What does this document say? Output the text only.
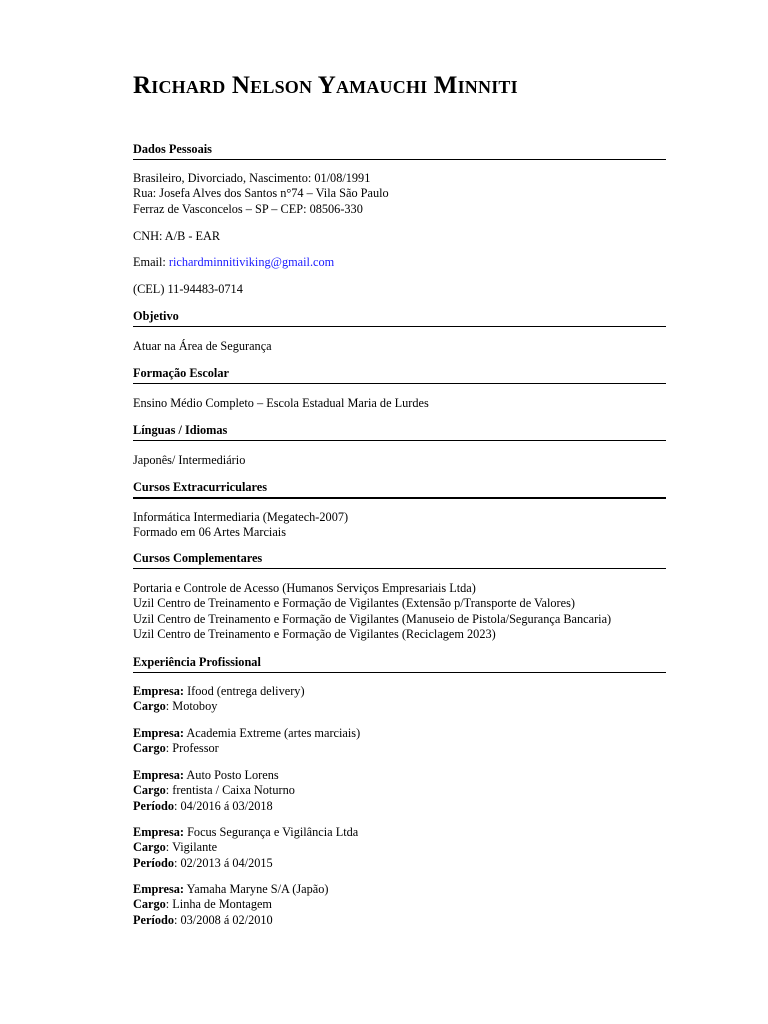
Richard Nelson Yamauchi Minniti
Dados Pessoais
Brasileiro, Divorciado, Nascimento: 01/08/1991
Rua: Josefa Alves dos Santos n°74 – Vila São Paulo
Ferraz de Vasconcelos – SP – CEP: 08506-330
CNH: A/B - EAR
Email: richardminnitiviking@gmail.com
(CEL) 11-94483-0714
Objetivo
Atuar na Área de Segurança
Formação Escolar
Ensino Médio Completo – Escola Estadual Maria de Lurdes
Línguas / Idiomas
Japonês/ Intermediário
Cursos Extracurriculares
Informática Intermediaria (Megatech-2007)
Formado em 06 Artes Marciais
Cursos Complementares
Portaria e Controle de Acesso (Humanos Serviços Empresariais Ltda)
Uzil Centro de Treinamento e Formação de Vigilantes (Extensão p/Transporte de Valores)
Uzil Centro de Treinamento e Formação de Vigilantes (Manuseio de Pistola/Segurança Bancaria)
Uzil Centro de Treinamento e Formação de Vigilantes (Reciclagem 2023)
Experiência Profissional
Empresa: Ifood (entrega delivery)
Cargo: Motoboy
Empresa: Academia Extreme (artes marciais)
Cargo: Professor
Empresa: Auto Posto Lorens
Cargo: frentista / Caixa Noturno
Período: 04/2016 á 03/2018
Empresa: Focus Segurança e Vigilância Ltda
Cargo: Vigilante
Período: 02/2013 á 04/2015
Empresa: Yamaha Maryne S/A (Japão)
Cargo: Linha de Montagem
Período: 03/2008 á 02/2010
